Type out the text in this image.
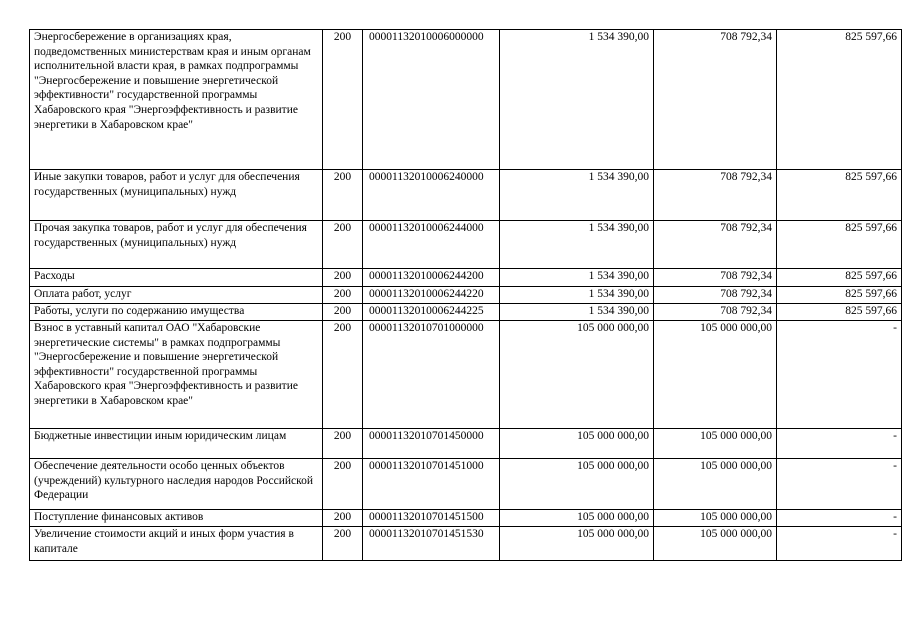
Энергосбережение в организациях края, подведомственных министерствам края и иным органам исполнительной власти края, в рамках подпрограммы "Энергосбережение и повышение энергетической эффективности" государственной программы Хабаровского края "Энергоэффективность и развитие энергетики в Хабаровском крае"	200	00001132010006000000	1 534 390,00	708 792,34	825 597,66
Иные закупки товаров, работ и услуг для обеспечения государственных (муниципальных) нужд	200	00001132010006240000	1 534 390,00	708 792,34	825 597,66
Прочая закупка товаров, работ и услуг для обеспечения государственных (муниципальных) нужд	200	00001132010006244000	1 534 390,00	708 792,34	825 597,66
Расходы	200	00001132010006244200	1 534 390,00	708 792,34	825 597,66
Оплата работ, услуг	200	00001132010006244220	1 534 390,00	708 792,34	825 597,66
Работы, услуги по содержанию имущества	200	00001132010006244225	1 534 390,00	708 792,34	825 597,66
Взнос в уставный капитал ОАО "Хабаровские энергетические системы" в рамках подпрограммы "Энергосбережение и повышение энергетической эффективности" государственной программы Хабаровского края "Энергоэффективность и развитие энергетики в Хабаровском крае"	200	00001132010701000000	105 000 000,00	105 000 000,00	-
Бюджетные инвестиции иным юридическим лицам	200	00001132010701450000	105 000 000,00	105 000 000,00	-
Обеспечение деятельности особо ценных объектов (учреждений) культурного наследия народов Российской Федерации	200	00001132010701451000	105 000 000,00	105 000 000,00	-
Поступление финансовых активов	200	00001132010701451500	105 000 000,00	105 000 000,00	-
Увеличение стоимости акций и иных форм участия в капитале	200	00001132010701451530	105 000 000,00	105 000 000,00	-
